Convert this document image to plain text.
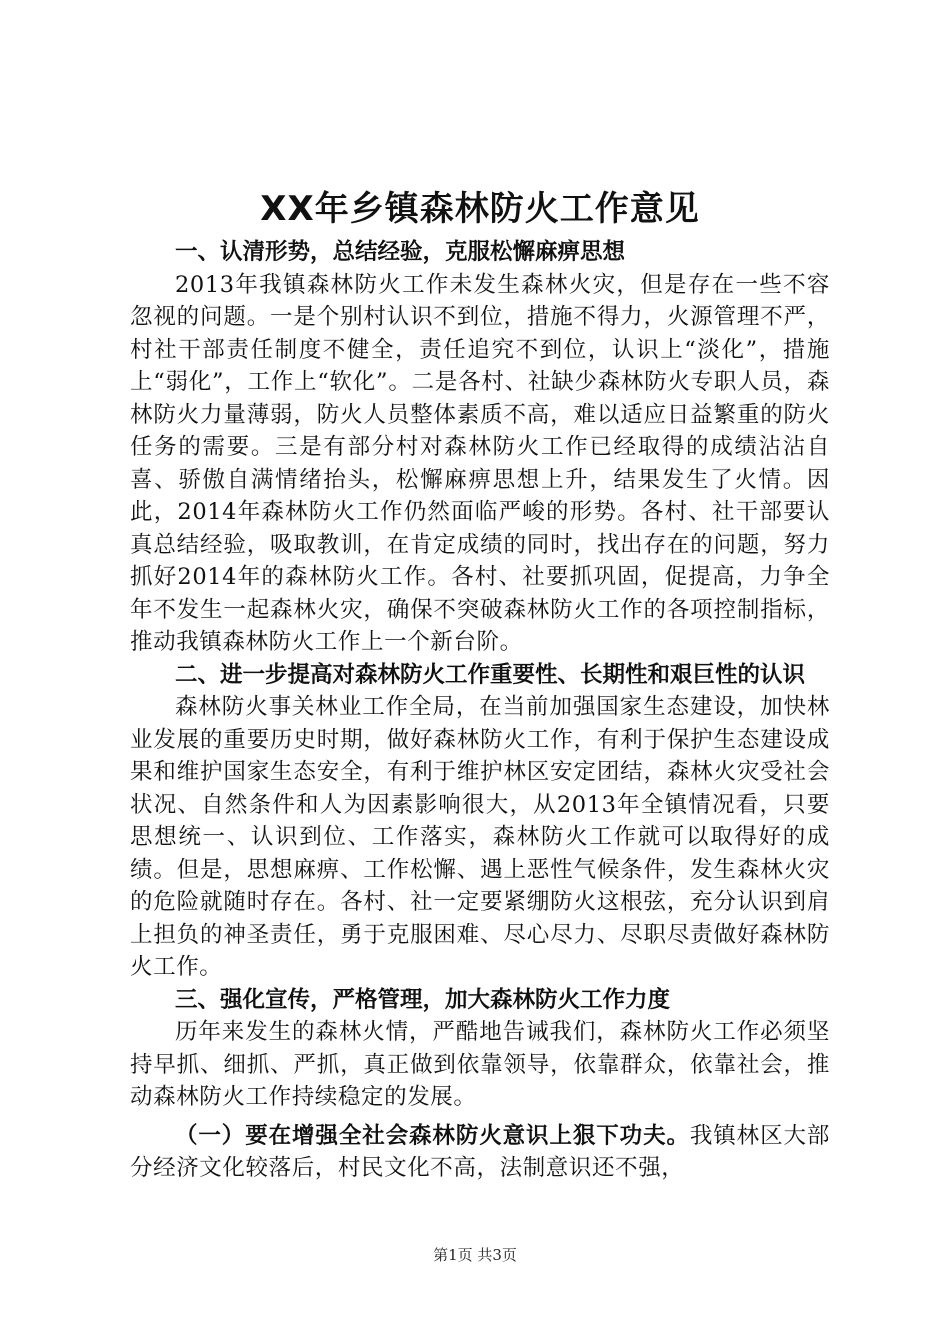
XX年乡镇森林防火工作意见
一、认清形势，总结经验，克服松懈麻痹思想

2013年我镇森林防火工作未发生森林火灾，但是存在一些不容忽视的问题。一是个别村认识不到位，措施不得力，火源管理不严，村社干部责任制度不健全，责任追究不到位，认识上“淡化”，措施上“弱化”，工作上“软化”。二是各村、社缺少森林防火专职人员，森林防火力量薄弱，防火人员整体素质不高，难以适应日益繁重的防火任务的需要。三是有部分村对森林防火工作已经取得的成绩沾沾自喜、骄傲自满情绪抬头，松懈麻痹思想上升，结果发生了火情。因此，2014年森林防火工作仍然面临严峻的形势。各村、社干部要认真总结经验，吸取教训，在肯定成绩的同时，找出存在的问题，努力抓好2014年的森林防火工作。各村、社要抓巩固，促提高，力争全年不发生一起森林火灾，确保不突破森林防火工作的各项控制指标，推动我镇森林防火工作上一个新台阶。

二、进一步提高对森林防火工作重要性、长期性和艰巨性的认识

森林防火事关林业工作全局，在当前加强国家生态建设，加快林业发展的重要历史时期，做好森林防火工作，有利于保护生态建设成果和维护国家生态安全，有利于维护林区安定团结，森林火灾受社会状况、自然条件和人为因素影响很大，从2013年全镇情况看，只要思想统一、认识到位、工作落实，森林防火工作就可以取得好的成绩。但是，思想麻痹、工作松懈、遇上恶性气候条件，发生森林火灾的危险就随时存在。各村、社一定要紧绷防火这根弦，充分认识到肩上担负的神圣责任，勇于克服困难、尽心尽力、尽职尽责做好森林防火工作。

三、强化宣传，严格管理，加大森林防火工作力度

历年来发生的森林火情，严酷地告诫我们，森林防火工作必须坚持早抓、细抓、严抓，真正做到依靠领导，依靠群众，依靠社会，推动森林防火工作持续稳定的发展。

（一）要在增强全社会森林防火意识上狠下功夫。我镇林区大部分经济文化较落后，村民文化不高，法制意识还不强，

第1页 共3页
